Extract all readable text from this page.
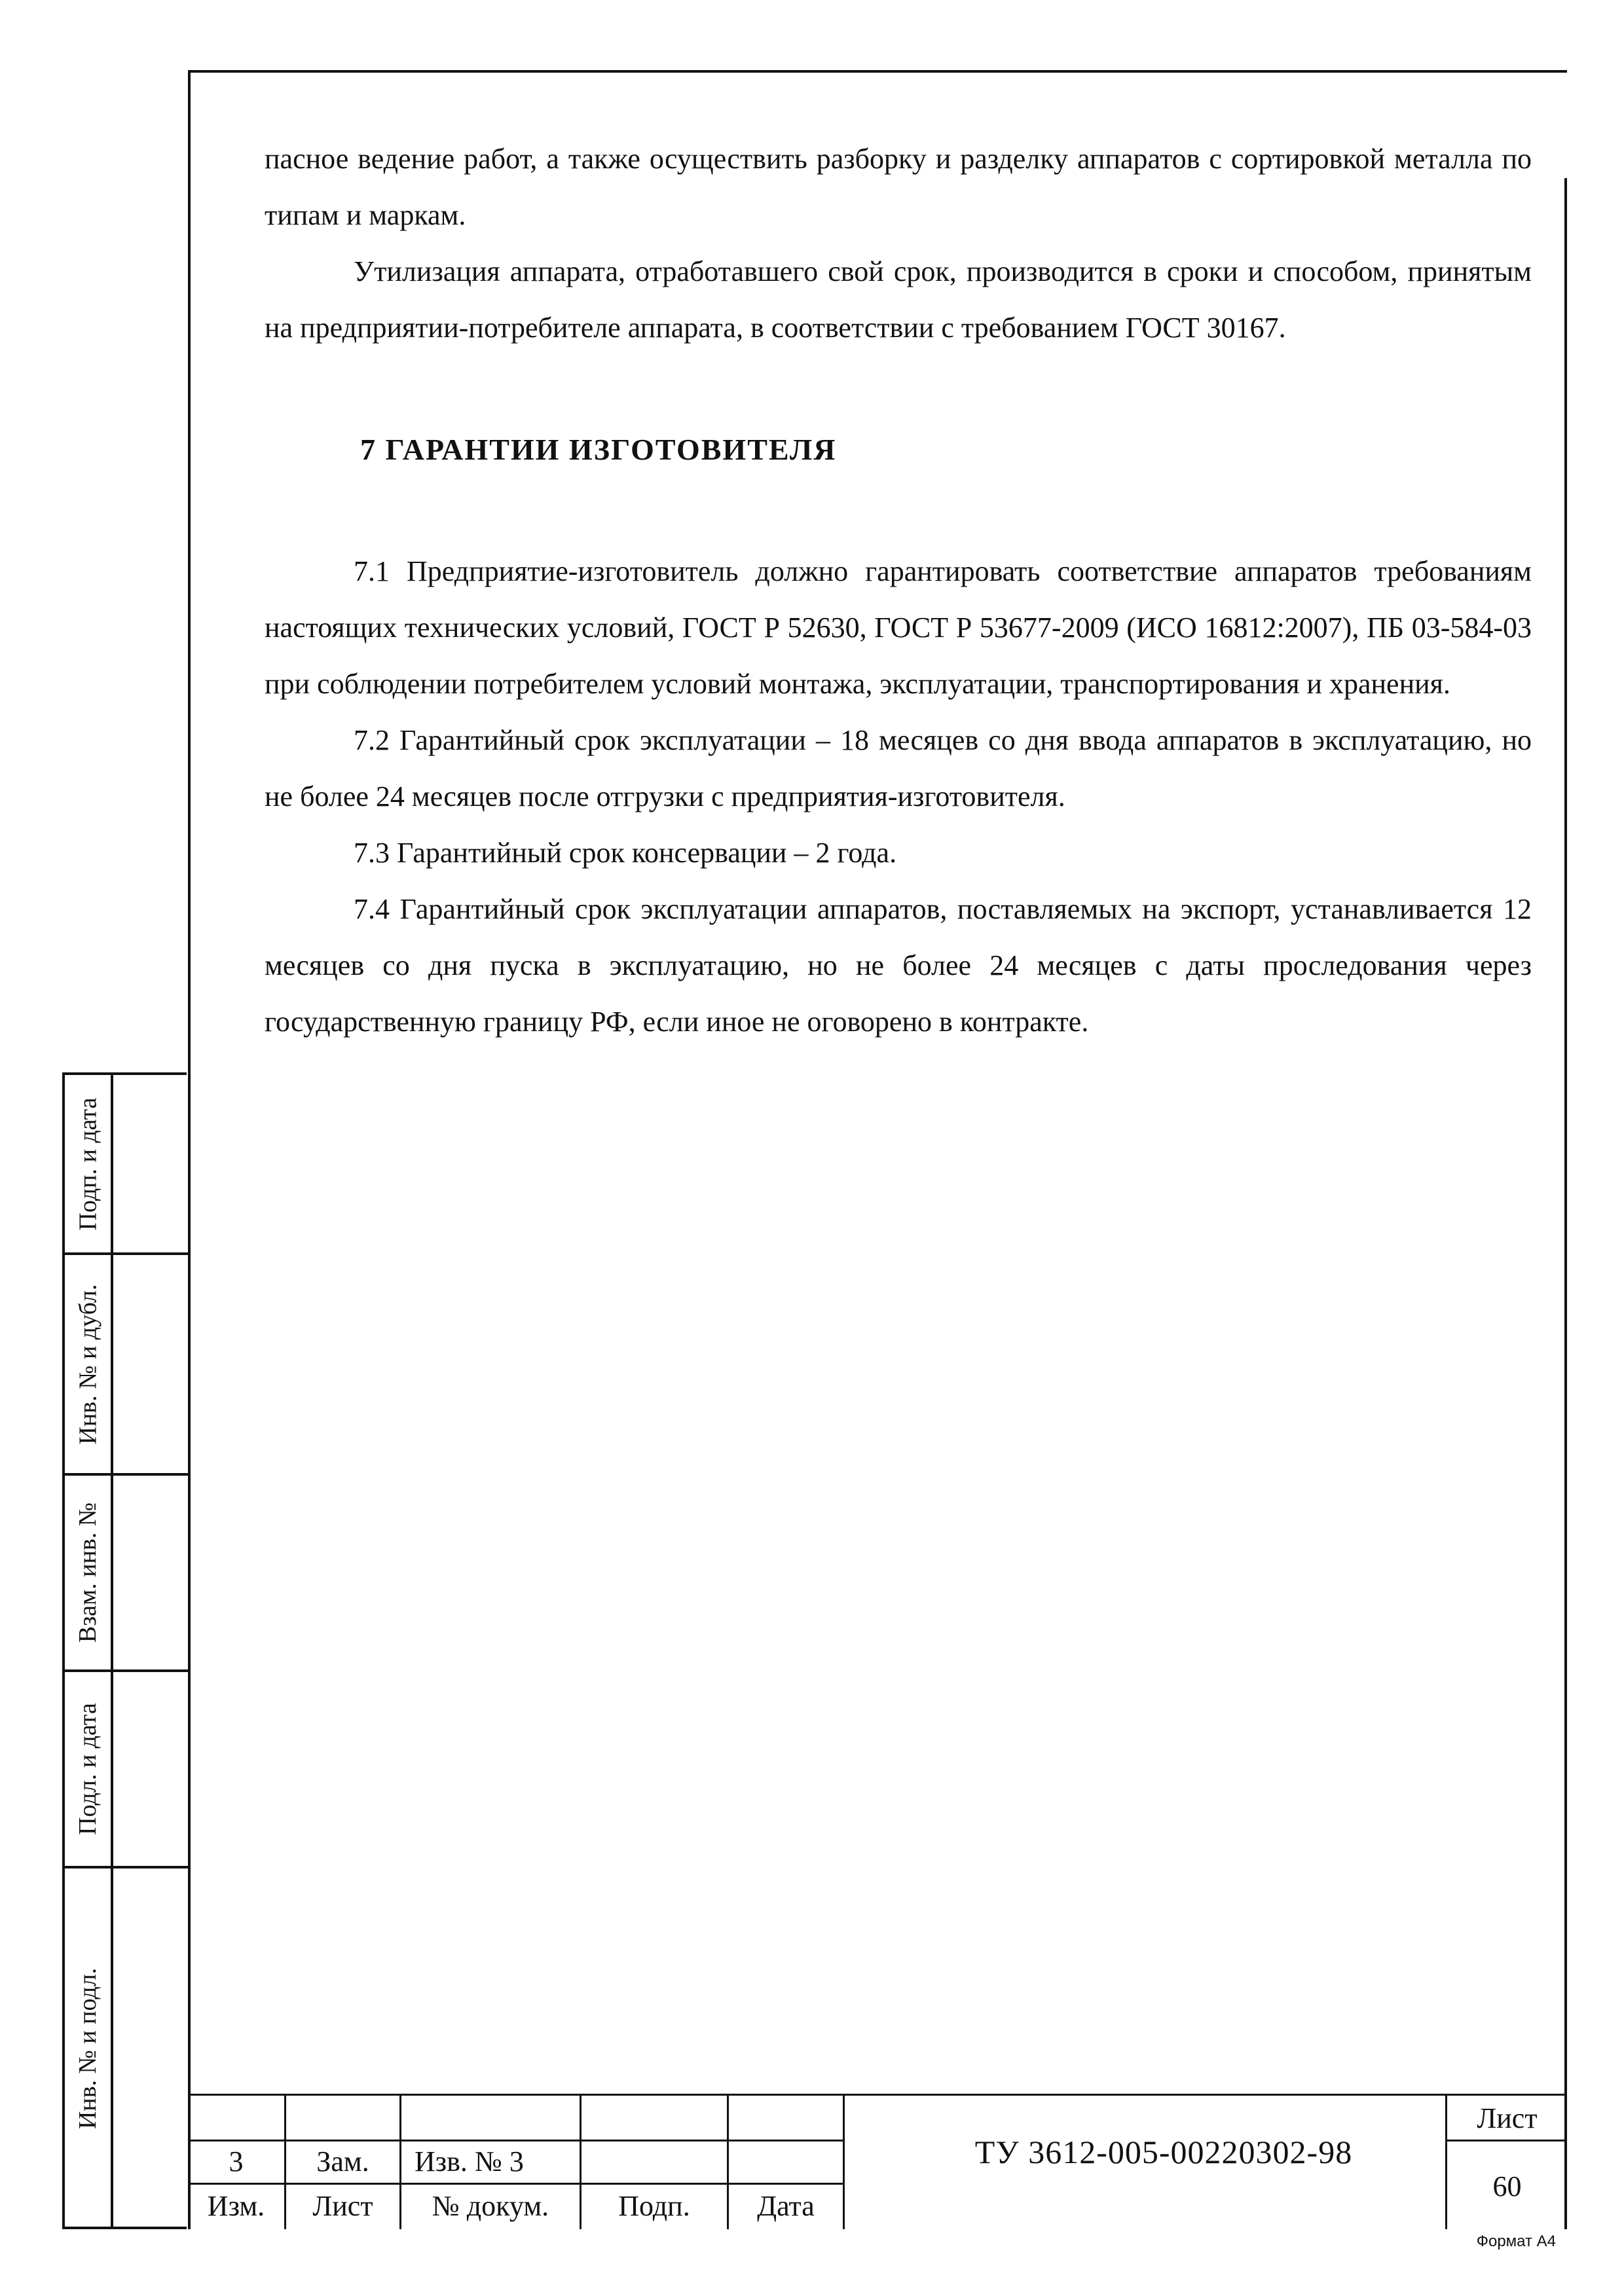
пасное ведение работ, а также осуществить разборку и разделку аппаратов с сортировкой металла по типам и маркам.

Утилизация аппарата, отработавшего свой срок, производится в сроки и способом, принятым на предприятии-потребителе аппарата, в соответствии с требованием ГОСТ 30167.

7 ГАРАНТИИ ИЗГОТОВИТЕЛЯ

7.1 Предприятие-изготовитель должно гарантировать соответствие аппаратов требованиям настоящих технических условий, ГОСТ Р 52630, ГОСТ Р 53677-2009 (ИСО 16812:2007), ПБ 03-584-03 при соблюдении потребителем условий монтажа, эксплуатации, транспортирования и хранения.

7.2 Гарантийный срок эксплуатации – 18 месяцев со дня ввода аппаратов в эксплуатацию, но не более 24 месяцев после отгрузки с предприятия-изготовителя.

7.3 Гарантийный срок консервации – 2 года.

7.4 Гарантийный срок эксплуатации аппаратов, поставляемых на экспорт, устанавливается 12 месяцев со дня пуска в эксплуатацию, но не более 24 месяцев с даты проследования через государственную границу РФ, если иное не оговорено в контракте.

Подп. и дата
Инв. № и дубл.
Взам. инв. №
Подл. и дата
Инв. № и подл.
3	Зам.	Изв. № 3
Изм.	Лист	№ докум.	Подп.	Дата
ТУ 3612-005-00220302-98
Лист
60
Формат А4
